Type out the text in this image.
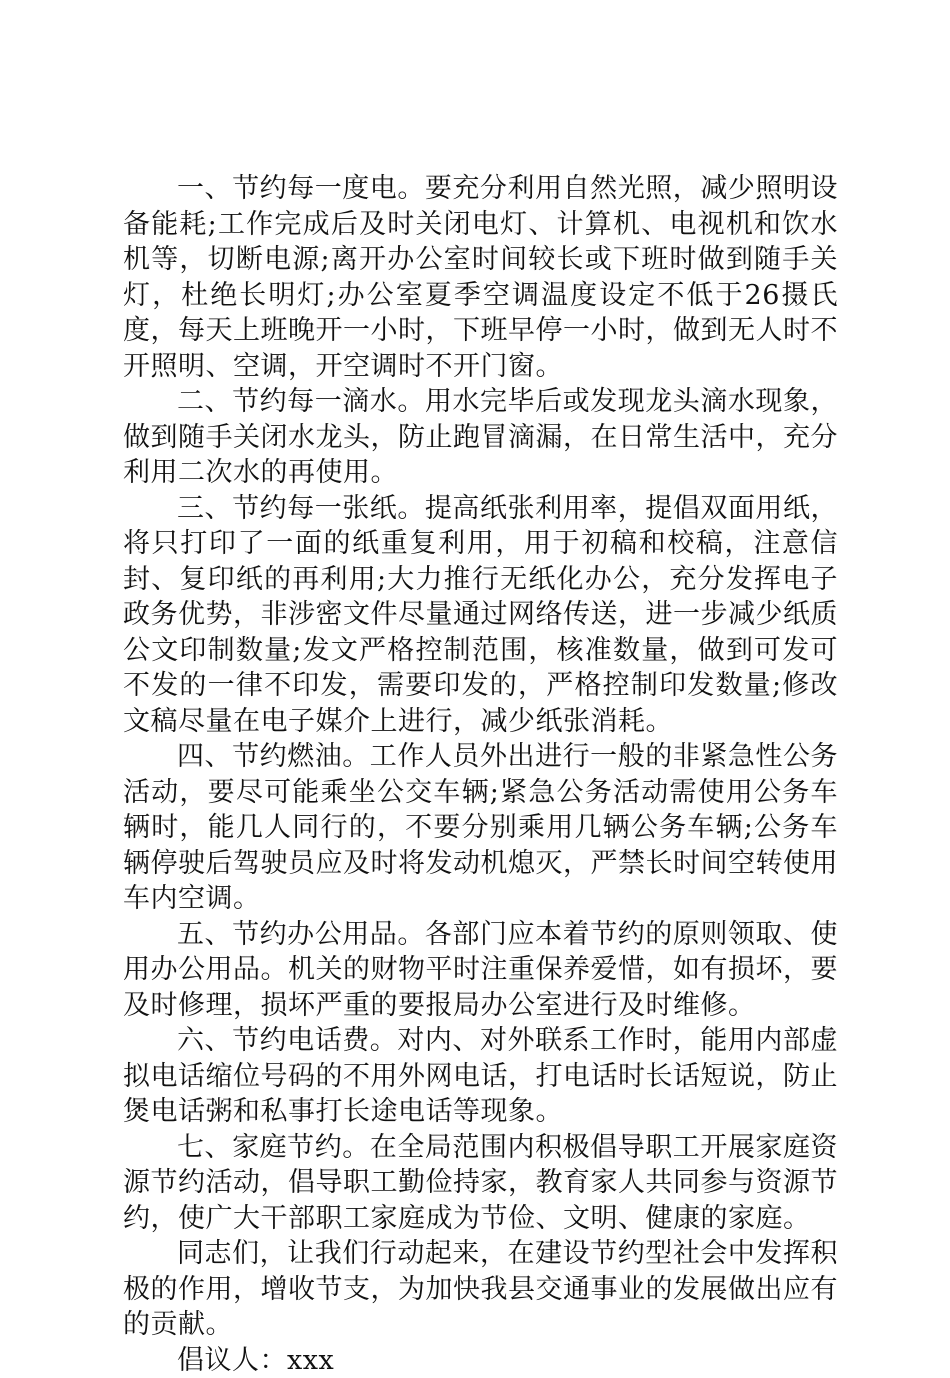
一、节约每一度电。要充分利用自然光照，减少照明设备能耗;工作完成后及时关闭电灯、计算机、电视机和饮水机等，切断电源;离开办公室时间较长或下班时做到随手关灯，杜绝长明灯;办公室夏季空调温度设定不低于26摄氏度，每天上班晚开一小时，下班早停一小时，做到无人时不开照明、空调，开空调时不开门窗。

二、节约每一滴水。用水完毕后或发现龙头滴水现象，做到随手关闭水龙头，防止跑冒滴漏，在日常生活中，充分利用二次水的再使用。

三、节约每一张纸。提高纸张利用率，提倡双面用纸，将只打印了一面的纸重复利用，用于初稿和校稿，注意信封、复印纸的再利用;大力推行无纸化办公，充分发挥电子政务优势，非涉密文件尽量通过网络传送，进一步减少纸质公文印制数量;发文严格控制范围，核准数量，做到可发可不发的一律不印发，需要印发的，严格控制印发数量;修改文稿尽量在电子媒介上进行，减少纸张消耗。

四、节约燃油。工作人员外出进行一般的非紧急性公务活动，要尽可能乘坐公交车辆;紧急公务活动需使用公务车辆时，能几人同行的，不要分别乘用几辆公务车辆;公务车辆停驶后驾驶员应及时将发动机熄灭，严禁长时间空转使用车内空调。

五、节约办公用品。各部门应本着节约的原则领取、使用办公用品。机关的财物平时注重保养爱惜，如有损坏，要及时修理，损坏严重的要报局办公室进行及时维修。

六、节约电话费。对内、对外联系工作时，能用内部虚拟电话缩位号码的不用外网电话，打电话时长话短说，防止煲电话粥和私事打长途电话等现象。

七、家庭节约。在全局范围内积极倡导职工开展家庭资源节约活动，倡导职工勤俭持家，教育家人共同参与资源节约，使广大干部职工家庭成为节俭、文明、健康的家庭。

同志们，让我们行动起来，在建设节约型社会中发挥积极的作用，增收节支，为加快我县交通事业的发展做出应有的贡献。

倡议人：xxx
